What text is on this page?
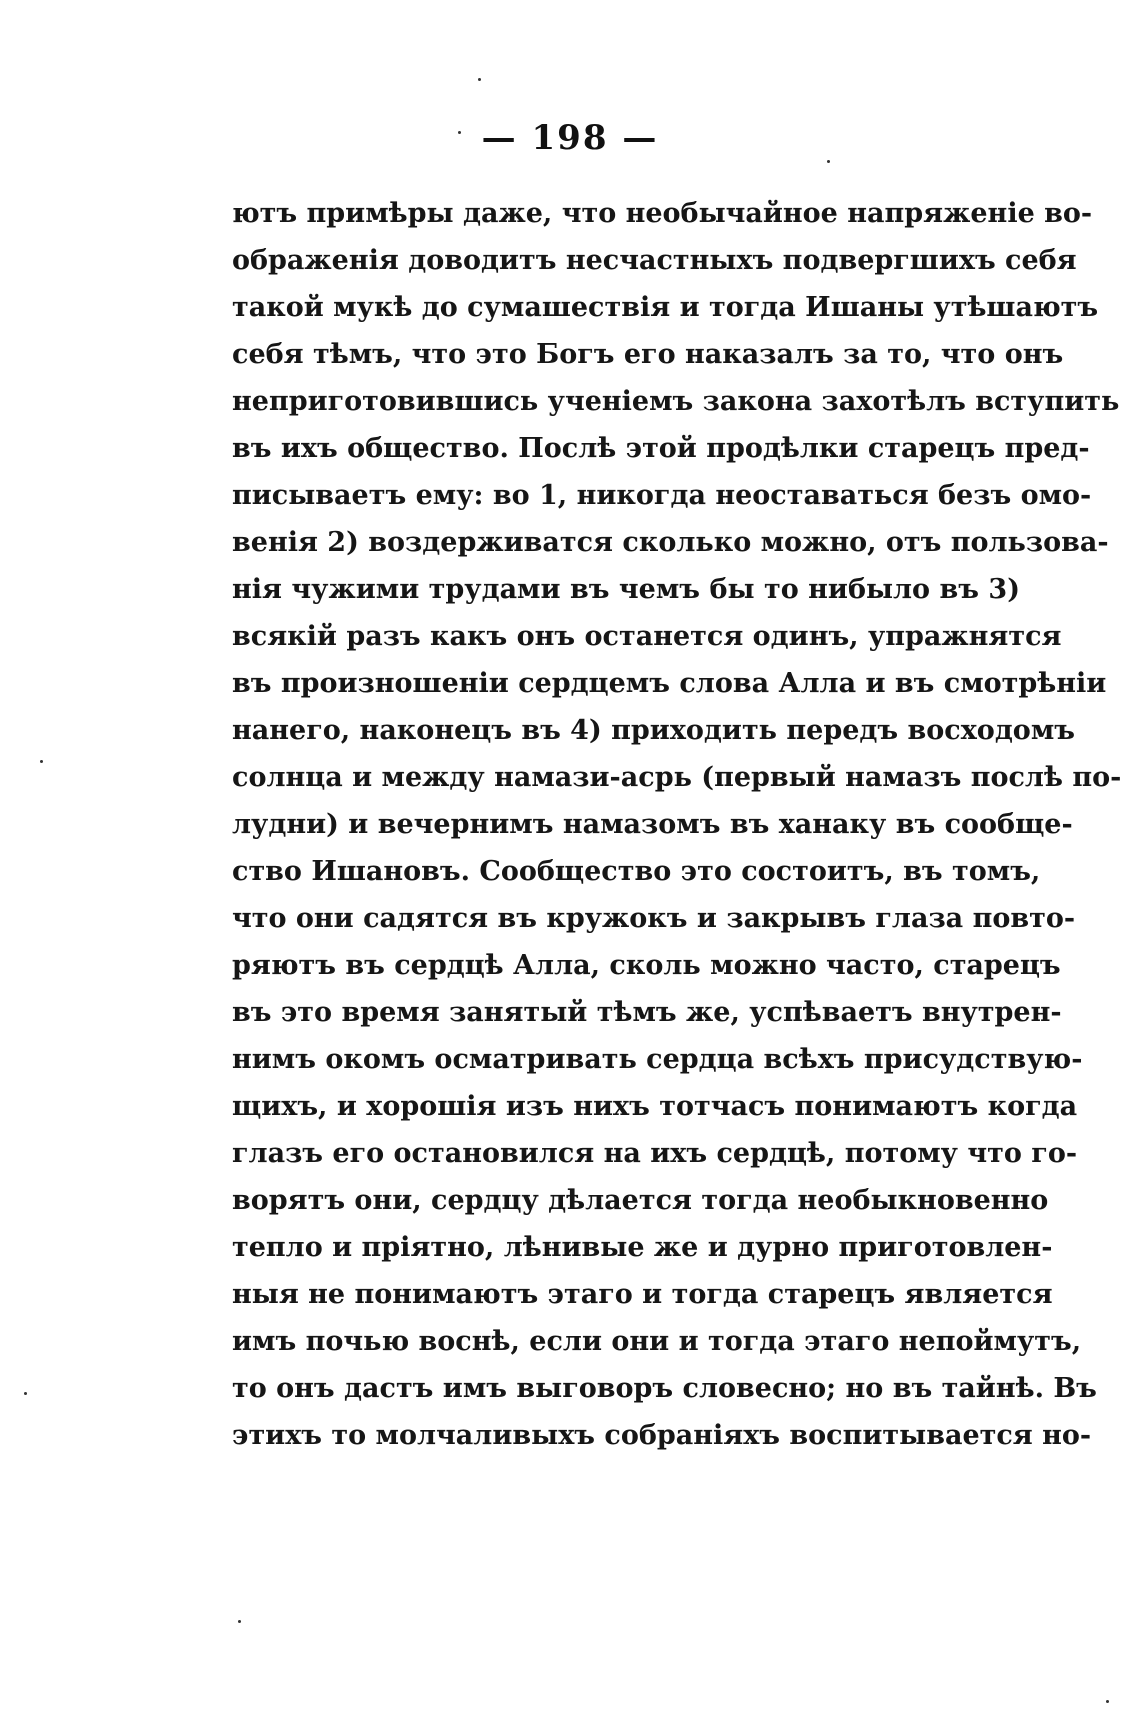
— 198 —
ютъ примѣры даже, что необычайное напряженіе во-
ображенія доводитъ несчастныхъ подвергшихъ себя
такой мукѣ до сумашествія и тогда Ишаны утѣшаютъ
себя тѣмъ, что это Богъ его наказалъ за то, что онъ
неприготовившись ученіемъ закона захотѣлъ вступить
въ ихъ общество. Послѣ этой продѣлки старецъ пред-
писываетъ ему: во 1, никогда неоставаться безъ омо-
венія 2) воздерживатся сколько можно, отъ пользова-
нія чужими трудами въ чемъ бы то нибыло въ 3)
всякій разъ какъ онъ останется одинъ, упражнятся
въ произношеніи сердцемъ слова Алла и въ смотрѣніи
нанего, наконецъ въ 4) приходить передъ восходомъ
солнца и между намази-асрь (первый намазъ послѣ по-
лудни) и вечернимъ намазомъ въ ханаку въ сообще-
ство Ишановъ. Сообщество это состоитъ, въ томъ,
что они садятся въ кружокъ и закрывъ глаза повто-
ряютъ въ сердцѣ Алла, сколь можно часто, старецъ
въ это время занятый тѣмъ же, успѣваетъ внутрен-
нимъ окомъ осматривать сердца всѣхъ присудствую-
щихъ, и хорошія изъ нихъ тотчасъ понимаютъ когда
глазъ его остановился на ихъ сердцѣ, потому что го-
ворятъ они, сердцу дѣлается тогда необыкновенно
тепло и пріятно, лѣнивые же и дурно приготовлен-
ныя не понимаютъ этаго и тогда старецъ является
имъ почью воснѣ, если они и тогда этаго непоймутъ,
то онъ дастъ имъ выговоръ словесно; но въ тайнѣ. Въ
этихъ то молчаливыхъ собраніяхъ воспитывается но-
